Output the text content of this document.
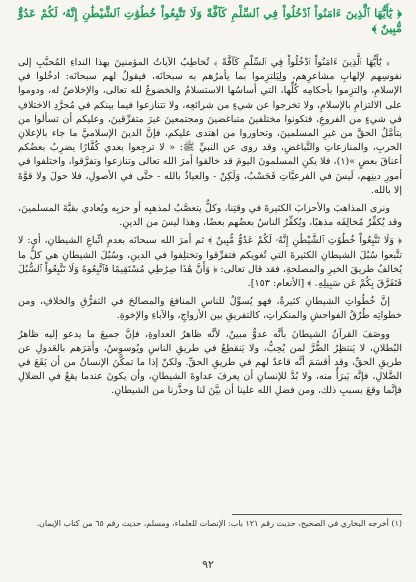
﴿ يَٰٓأَيُّهَا ٱلَّذِينَ ءَامَنُواْ ٱدْخُلُواْ فِي ٱلسِّلْمِ كَآفَّةً وَلَا تَتَّبِعُواْ خُطُوَٰتِ ٱلشَّيْطَٰنِ إِنَّهُۥ لَكُمْ عَدُوٌّ مُّبِينٌ ﴾

﴿ يَٰٓأَيُّهَا ٱلَّذِينَ ءَامَنُواْ ٱدْخُلُواْ فِي ٱلسِّلْمِ كَآفَّةً ﴾ تُخاطِبُ الآياتُ المؤمنينَ بهذا النداءِ المُحبَّبِ إلى نفوسِهم لإلهابِ مشاعرِهم، ولِيَلتزِموا بما يأمرُهم به سبحانَه، فيقولُ لهم سبحانَه: ادخُلوا في الإسلامِ، والتزِموا بأحكامِه كُلِّها، التي أساسُها الاستسلامُ والخضوعُ لله تعالى، والإخلاصُ له، ودوموا على الالتزامِ بالإسلامِ، ولا تخرجوا عن شيءٍ من شرائعِه، ولا تتنازعوا فيما بينكم في مُجرَّدِ الاختلافِ في شيءٍ من الفروعِ، فتكونوا مختلفينَ متباغضينَ ومجتمعينَ غيرَ متفرِّقينَ، وعليكم أن تسألوا من يتأمَّلُ الحقَّ من غيرِ المسلمينَ، وتحاوروا من اهتدى عليكم، فإنَّ الدينَ الإسلاميَّ ما جاء بالإعلانِ الحربِ، والمنازعاتِ والتَّباغضِ، وقد روى عن النبيِّ ﷺ: « لا ترجِعوا بعدي كُفَّارًا يضرِبُ بعضُكم أعناقَ بعضٍ »(١)، فلا يكنِ المسلمونَ اليومَ قد خالفوا أمرَ الله تعالى وتنازعوا وتفرَّقوا، واختلفوا في أمورِ دينِهم، لَيسَ في الفرعيَّاتِ فَحَسْبُ، وَلَكِنْ - والعياذُ بالله - حتَّى في الأصولِ، فلا حولَ ولا قوَّةَ إلا بالله.

ونرى المذاهبَ والأحزابَ الكثيرةَ في وقتِنا، وكلٌّ يتعصَّبُ لمذهبِه أو حزبِه ويُعادي بقيَّةَ المسلمينَ، وقد يُكفِّرُ مُخالِفَه مذهبًا، ويُكفِّرُ الناسُ بعضُهم بعضًا، وهذا ليسَ من الدينِ.

﴿ وَلَا تَتَّبِعُواْ خُطُوَٰتِ ٱلشَّيْطَٰنِ إِنَّهُۥ لَكُمْ عَدُوٌّ مُّبِينٌ ﴾ ثم أمرَ الله سبحانَه بعدمِ اتِّباعِ الشيطانِ، أي: لا تتَّبعوا سُبُلَ الشيطانِ الكثيرةَ التي تُغويكم فتفرِّقوا وتختلِفوا في الدينِ، وسُبُلَ الشيطانِ هي كلُّ ما يُخالفُ طريقَ الخيرِ والمصلحةِ، فقد قال تعالى: ﴿ وَأَنَّ هَٰذَا صِرَٰطِي مُسْتَقِيمًا فَٱتَّبِعُوهُ وَلَا تَتَّبِعُواْ ٱلسُّبُلَ فَتَفَرَّقَ بِكُمْ عَن سَبِيلِهِۦ ﴾ [الأنعام: ١٥٣].

إنَّ خُطُواتِ الشيطانِ كثيرةٌ، فهو يُسوِّلُ للناسِ المنافعَ والمصالحَ في التفرُّقِ والخلافِ، ومن خطواتِه طُرُقُ الفواحشِ والمنكراتِ، كالتفريقِ بين الأزواجِ، والآباءِ والإخوةِ.

ووصَفَ القرآنُ الشيطانَ بأنَّه عدوٌّ مبينٌ، لأنَّه ظاهرُ العداوةِ، فإنَّ جميعَ ما يدعو إليه ظاهرُ البُطلانِ، لا يَنتظِرُ الضُّرَّ لمن يُحِبُّ، ولا يَنقطِعُ في طريقِ الناسِ ويُوسوِسُ، وأمَرَهم بالعَدولِ عن طريقِ الحقِّ، وقد أقسَمَ أنَّه قاعدٌ لهم في طريقِ الحقِّ. ولكنْ إذا ما تمكَّنَ الإنسانُ من أن يَقَعَ في الضَّلالِ، فإنَّه يَبرَأُ منه، ولا بُدَّ للإنسانِ أن يعرفَ عداوةَ الشيطانِ، وأن يكونَ عندما يقعُ في الضلالِ فإنَّما وقعَ بسببِ ذلك، ومن فضلِ الله علينا أن بيَّنَ لنا وحذَّرنا من الشيطانِ.

(١) أخرجه البخاري في الصحيح، حديث رقم ١٢١ باب: الإنصات للعلماء، ومسلم، حديث رقم ٦٥ من كتاب الإيمان.
٩٢
